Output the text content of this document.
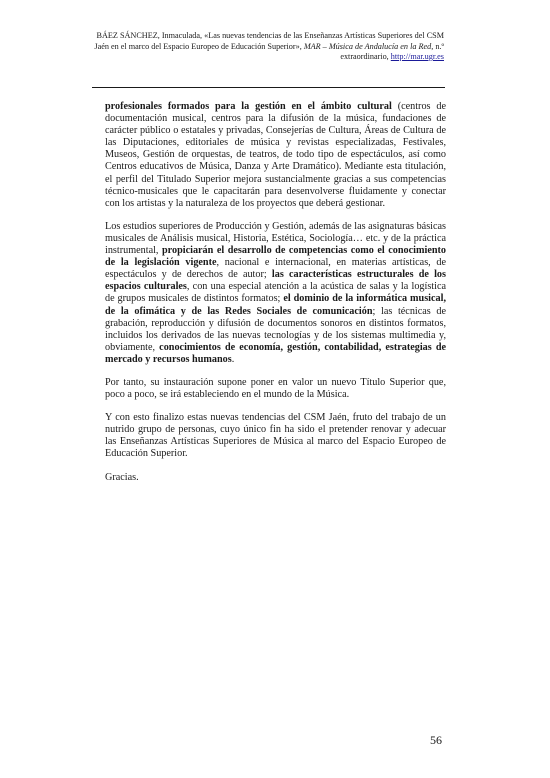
BÁEZ SÁNCHEZ, Inmaculada, «Las nuevas tendencias de las Enseñanzas Artísticas Superiores del CSM Jaén en el marco del Espacio Europeo de Educación Superior», MAR – Música de Andalucía en la Red, n.º extraordinario, http://mar.ugr.es

profesionales formados para la gestión en el ámbito cultural (centros de documentación musical, centros para la difusión de la música, fundaciones de carácter público o estatales y privadas, Consejerías de Cultura, Áreas de Cultura de las Diputaciones, editoriales de música y revistas especializadas, Festivales, Museos, Gestión de orquestas, de teatros, de todo tipo de espectáculos, así como Centros educativos de Música, Danza y Arte Dramático). Mediante esta titulación, el perfil del Titulado Superior mejora sustancialmente gracias a sus competencias técnico-musicales que le capacitarán para desenvolverse fluidamente y conectar con los artistas y la naturaleza de los proyectos que deberá gestionar.

Los estudios superiores de Producción y Gestión, además de las asignaturas básicas musicales de Análisis musical, Historia, Estética, Sociología… etc. y de la práctica instrumental, propiciarán el desarrollo de competencias como el conocimiento de la legislación vigente, nacional e internacional, en materias artísticas, de espectáculos y de derechos de autor; las características estructurales de los espacios culturales, con una especial atención a la acústica de salas y la logística de grupos musicales de distintos formatos; el dominio de la informática musical, de la ofimática y de las Redes Sociales de comunicación; las técnicas de grabación, reproducción y difusión de documentos sonoros en distintos formatos, incluidos los derivados de las nuevas tecnologías y de los sistemas multimedia y, obviamente, conocimientos de economía, gestión, contabilidad, estrategias de mercado y recursos humanos.

Por tanto, su instauración supone poner en valor un nuevo Título Superior que, poco a poco, se irá estableciendo en el mundo de la Música.

Y con esto finalizo estas nuevas tendencias del CSM Jaén, fruto del trabajo de un nutrido grupo de personas, cuyo único fin ha sido el pretender renovar y adecuar las Enseñanzas Artísticas Superiores de Música al marco del Espacio Europeo de Educación Superior.

Gracias.

56
